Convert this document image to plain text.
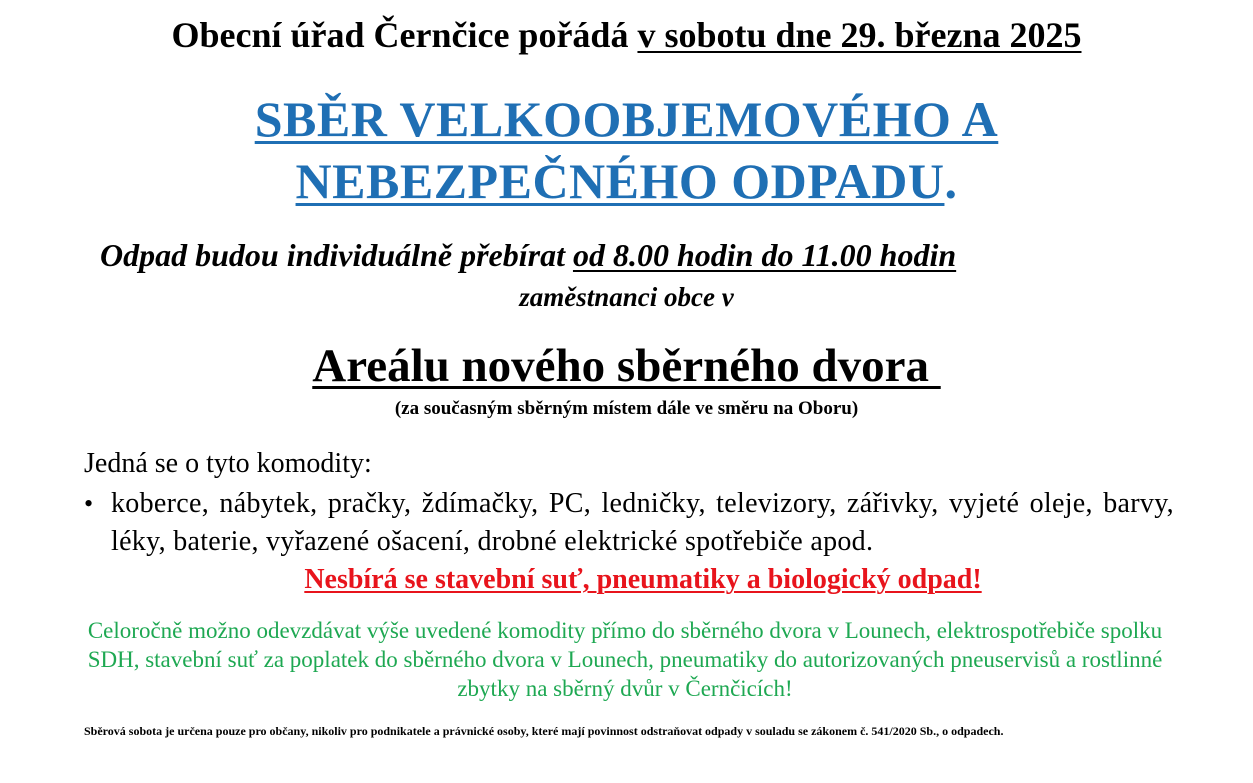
Obecní úřad Černčice pořádá v sobotu dne 29. března 2025
SBĚR VELKOOBJEMOVÉHO A
NEBEZPEČNÉHO ODPADU.
Odpad budou individuálně přebírat od 8.00 hodin do 11.00 hodin
zaměstnanci obce v
Areálu nového sběrného dvora
(za současným sběrným místem dále ve směru na Oboru)
Jedná se o tyto komodity:
• koberce, nábytek, pračky, ždímačky, PC, ledničky, televizory, zářivky, vyjeté oleje, barvy, léky, baterie, vyřazené ošacení, drobné elektrické spotřebiče apod.
Nesbírá se stavební suť, pneumatiky a biologický odpad!
Celoročně možno odevzdávat výše uvedené komodity přímo do sběrného dvora v Lounech, elektrospotřebiče spolku SDH, stavební suť za poplatek do sběrného dvora v Lounech, pneumatiky do autorizovaných pneuservisů a rostlinné zbytky na sběrný dvůr v Černčicích!
Sběrová sobota je určena pouze pro občany, nikoliv pro podnikatele a právnické osoby, které mají povinnost odstraňovat odpady v souladu se zákonem č. 541/2020 Sb., o odpadech.
